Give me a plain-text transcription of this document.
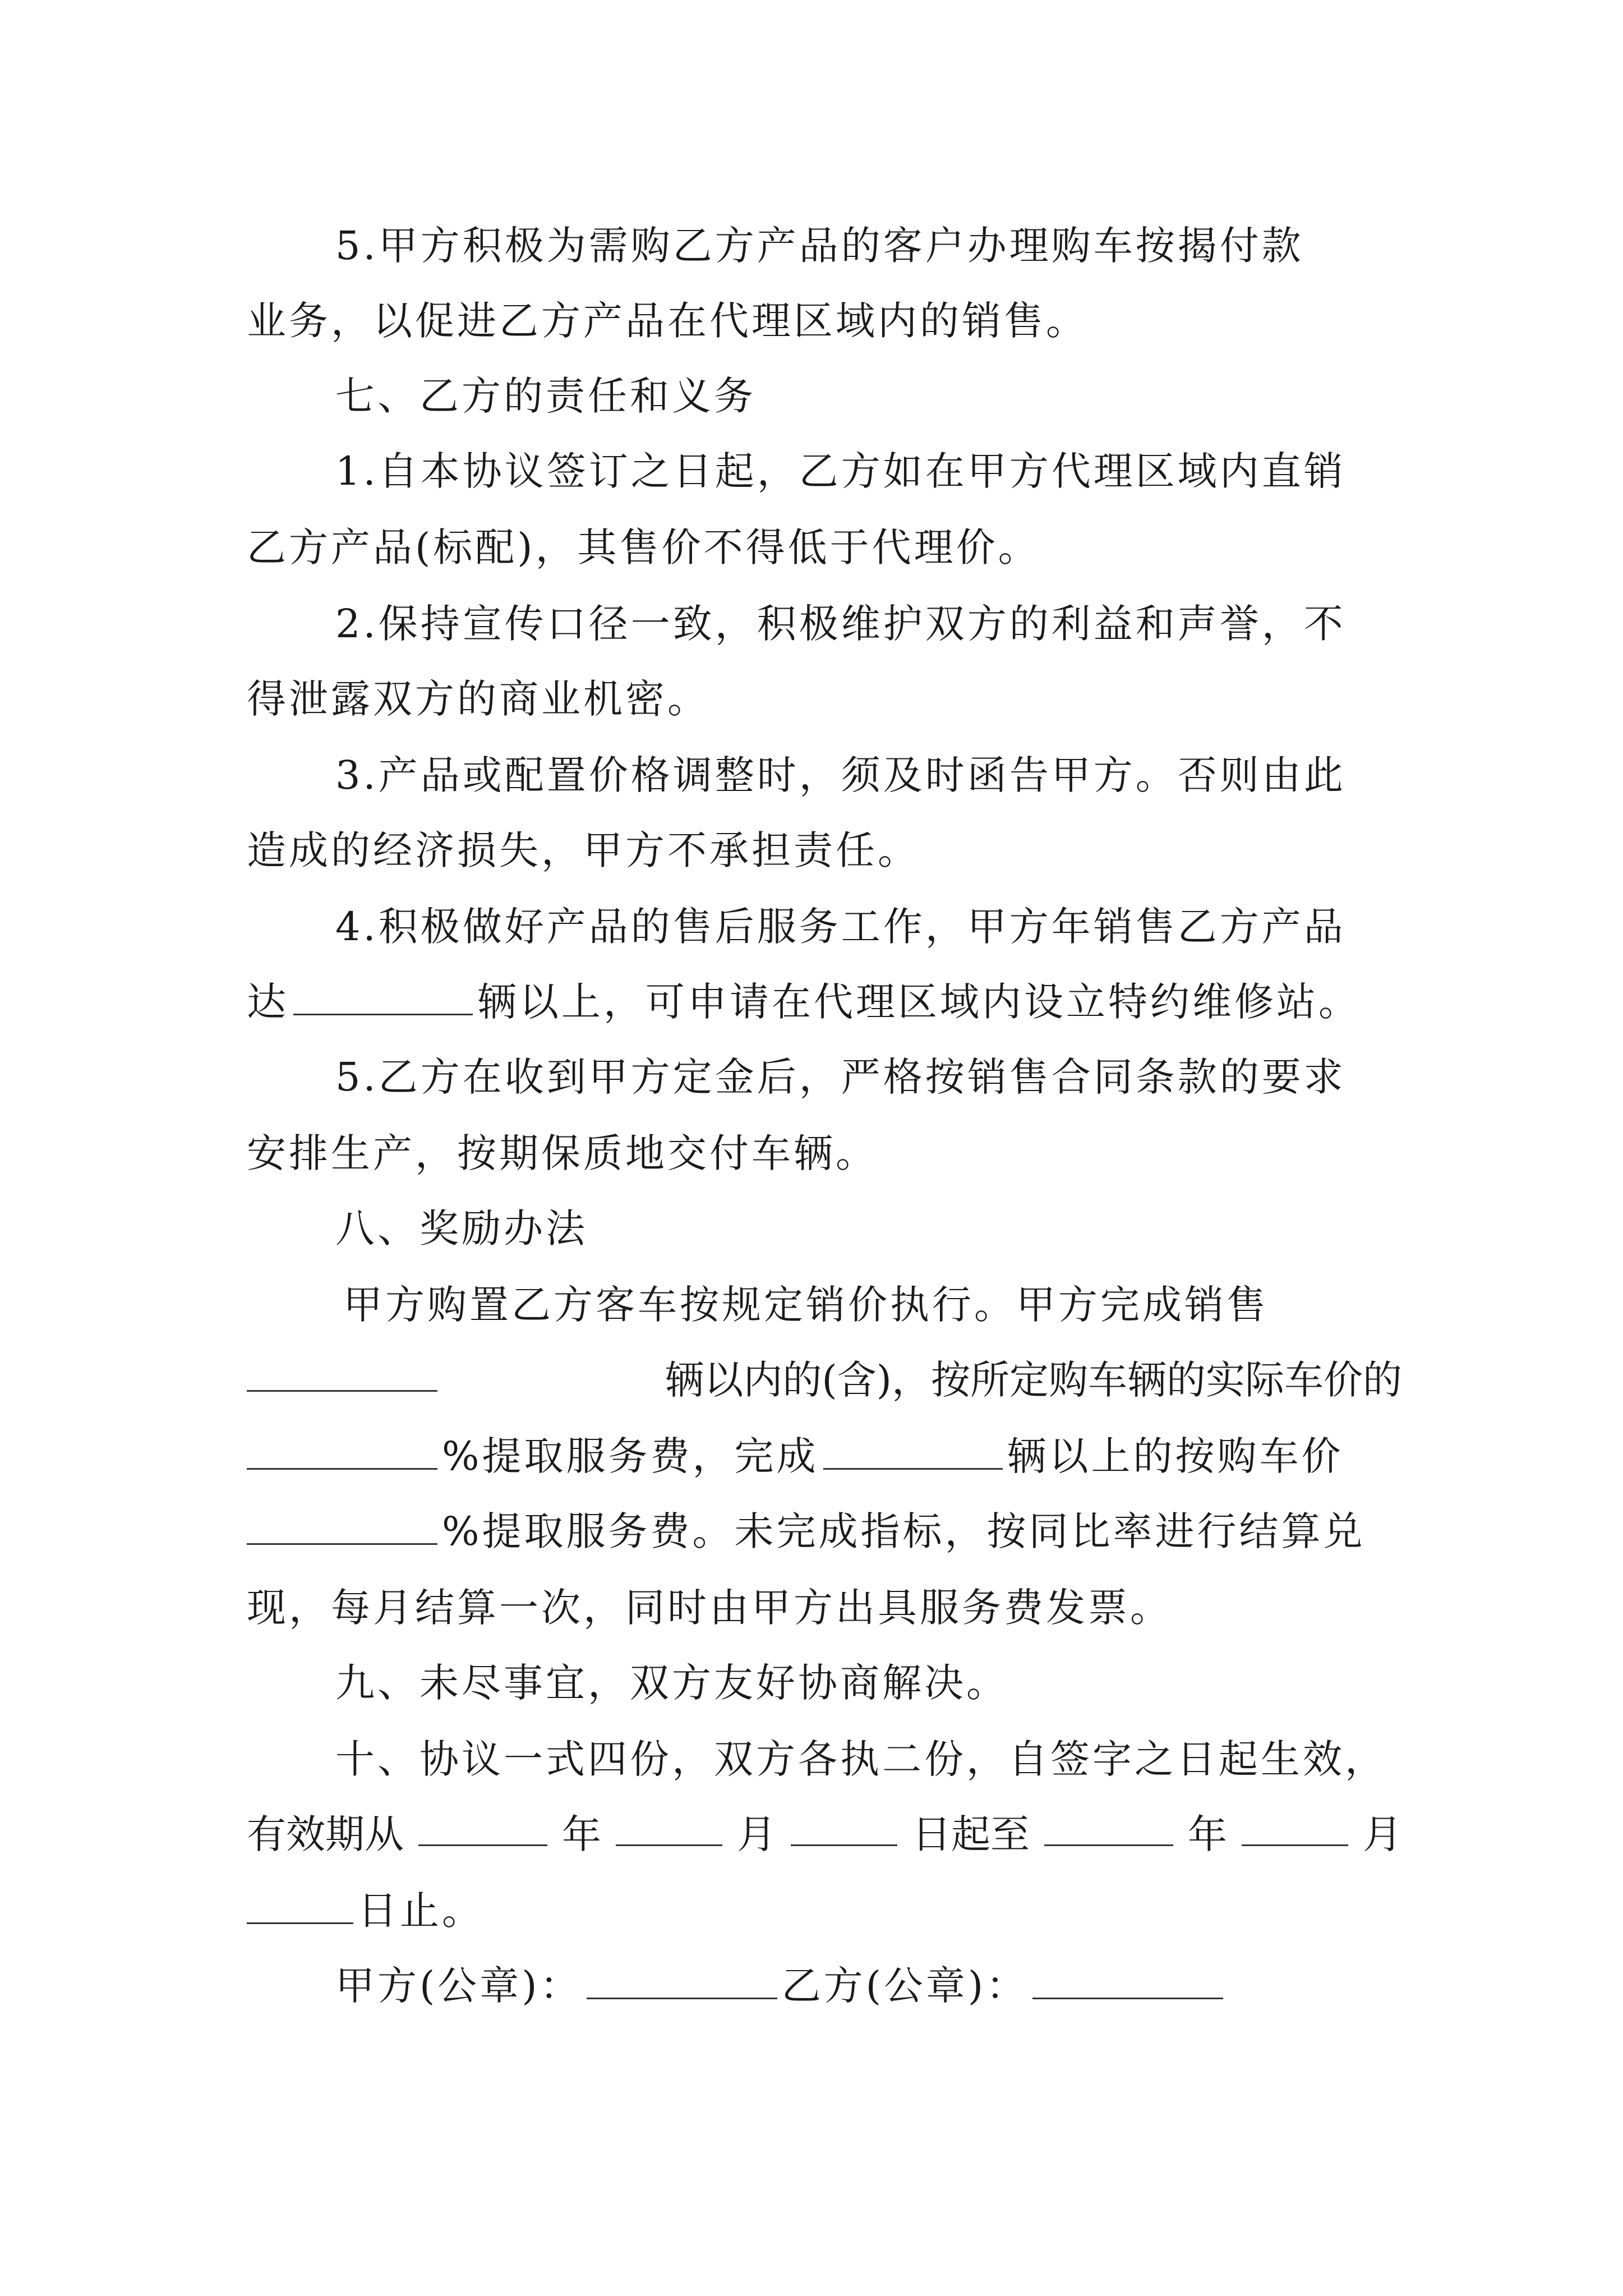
5.甲方积极为需购乙方产品的客户办理购车按揭付款
业务，以促进乙方产品在代理区域内的销售。
七、乙方的责任和义务
1.自本协议签订之日起，乙方如在甲方代理区域内直销
乙方产品(标配)，其售价不得低于代理价。
2.保持宣传口径一致，积极维护双方的利益和声誉，不
得泄露双方的商业机密。
3.产品或配置价格调整时，须及时函告甲方。否则由此
造成的经济损失，甲方不承担责任。
4.积极做好产品的售后服务工作，甲方年销售乙方产品
达	辆以上，可申请在代理区域内设立特约维修站。
5.乙方在收到甲方定金后，严格按销售合同条款的要求
安排生产，按期保质地交付车辆。
八、奖励办法
甲方购置乙方客车按规定销价执行。甲方完成销售
辆以内的(含)，按所定购车辆的实际车价的
%提取服务费，完成	辆以上的按购车价
%提取服务费。未完成指标，按同比率进行结算兑
现，每月结算一次，同时由甲方出具服务费发票。
九、未尽事宜，双方友好协商解决。
十、协议一式四份，双方各执二份，自签字之日起生效，
有效期从	年	月	日起至	年	月
日止。
甲方(公章)：	乙方(公章)：
